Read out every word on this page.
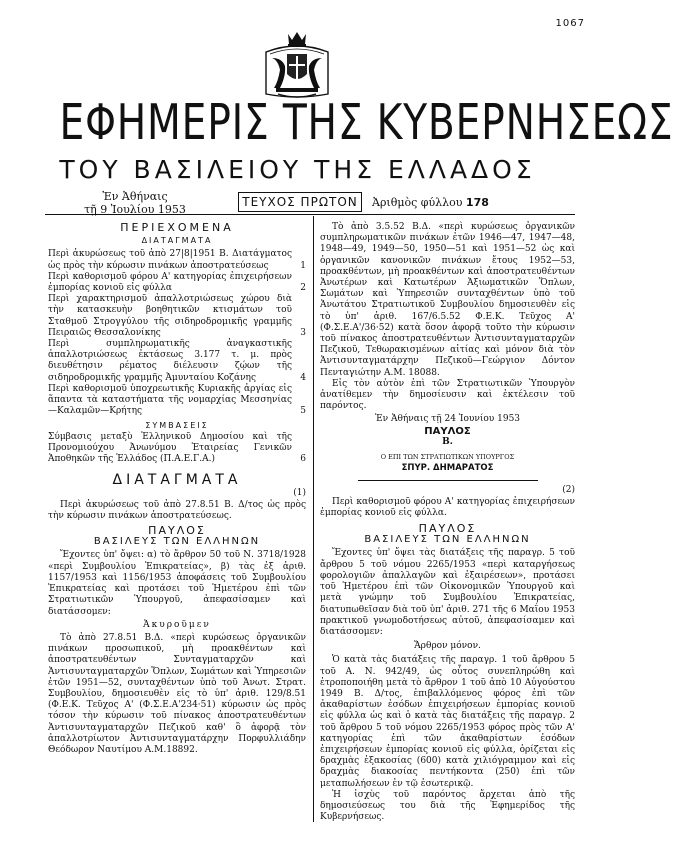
1067
ΕΦΗΜΕΡΙΣ ΤΗΣ ΚΥΒΕΡΝΗΣΕΩΣ
ΤΟΥ ΒΑΣΙΛΕΙΟΥ ΤΗΣ ΕΛΛΑΔΟΣ
Ἐν Ἀθήναις
τῇ 9 Ἰουλίου 1953
ΤΕΥΧΟΣ ΠΡΩΤΟΝ	Ἀριθμὸς φύλλου 178
ΠΕΡΙΕΧΟΜΕΝΑ
ΔΙΑΤΑΓΜΑΤΑ

Περὶ ἀκυρώσεως τοῦ ἀπὸ 27|8|1951 Β. Διατάγματος ὡς πρὸς τὴν κύρωσιν πινάκων ἀποστρατεύσεως	1

Περὶ καθορισμοῦ φόρου Α' κατηγορίας ἐπιχειρήσεων ἐμπορίας κονιοῦ εἰς φύλλα	2

Περὶ χαρακτηρισμοῦ ἀπαλλοτριώσεως χώρου διὰ τὴν κατασκευὴν βοηθητικῶν κτισμάτων τοῦ Σταθμοῦ Στρογγύλου τῆς σιδηροδρομικῆς γραμμῆς Πειραιῶς Θεσσαλονίκης	3

Περὶ συμπληρωματικῆς ἀναγκαστικῆς ἀπαλλοτριώσεως ἐκτάσεως 3.177 τ. μ. πρὸς διευθέτησιν ρέματος διέλευσιν ζῴων τῆς σιδηροδρομικῆς γραμμῆς Ἀμυνταίου Κοζάνης	4

Περὶ καθορισμοῦ ὑποχρεωτικῆς Κυριακῆς ἀργίας εἰς ἅπαντα τὰ καταστήματα τῆς νομαρχίας Μεσσηνίας—Καλαμῶν—Κρήτης	5

ΣΥΜΒΑΣΕΙΣ

Σύμβασις μεταξὺ Ἑλληνικοῦ Δημοσίου καὶ τῆς Προνομιούχου Ἀνωνύμου Ἑταιρείας Γενικῶν Ἀποθηκῶν τῆς Ἑλλάδος (Π.Α.Ε.Γ.Α.)	6

ΔΙΑΤΑΓΜΑΤΑ
(1)

Περὶ ἀκυρώσεως τοῦ ἀπὸ 27.8.51 Β. Δ/τος ὡς πρὸς τὴν κύρωσιν πινάκων ἀποστρατεύσεως.

ΠΑΥΛΟΣ
ΒΑΣΙΛΕΥΣ ΤΩΝ ΕΛΛΗΝΩΝ

Ἔχοντες ὑπ' ὄψει: α) τὸ ἄρθρον 50 τοῦ Ν. 3718/1928 «περὶ Συμβουλίου Ἐπικρατείας», β) τὰς ἐξ ἀριθ. 1157/1953 καὶ 1156/1953 ἀποφάσεις τοῦ Συμβουλίου Ἐπικρατείας καὶ προτάσει τοῦ Ἡμετέρου ἐπὶ τῶν Στρατιωτικῶν Ὑπουργοῦ, ἀπεφασίσαμεν καὶ διατάσσομεν:

Ἀκυροῦμεν

Τὸ ἀπὸ 27.8.51 Β.Δ. «περὶ κυρώσεως ὀργανικῶν πινάκων προσωπικοῦ, μὴ προακθέντων καὶ ἀποστρατευθέντων Συνταγματαρχῶν καὶ Ἀντισυνταγματαρχῶν Ὅπλων, Σωμάτων καὶ Ὑπηρεσιῶν ἐτῶν 1951—52, συνταχθέντων ὑπὸ τοῦ Ἀνωτ. Στρατ. Συμβουλίου, δημοσιευθὲν εἰς τὸ ὑπ' ἀριθ. 129/8.51 (Φ.Ε.Κ. Τεῦχος Α' (Φ.Σ.Ε.Α'234·51) κύρωσιν ὡς πρὸς τόσον τὴν κύρωσιν τοῦ πίνακος ἀποστρατευθέντων Ἀντισυνταγματαρχῶν Πεζικοῦ καθ' ὃ ἀφορᾷ τὸν ἀπαλλοτρίωτον Ἀντισυνταγματάρχην Πορφυλλιάδην Θεόδωρον Ναυτίμου Α.Μ.18892.

Τὸ ἀπὸ 3.5.52 Β.Δ. «περὶ κυρώσεως ὀργανικῶν συμπληρωματικῶν πινάκων ἐτῶν 1946—47, 1947—48, 1948—49, 1949—50, 1950—51 καὶ 1951—52 ὡς καὶ ὀργανικῶν κανονικῶν πινάκων ἔτους 1952—53, προακθέντων, μὴ προακθέντων καὶ ἀποστρατευθέντων Ἀνωτέρων καὶ Κατωτέρων Ἀξιωματικῶν Ὅπλων, Σωμάτων καὶ Ὑπηρεσιῶν συνταχθέντων ὑπὸ τοῦ Ἀνωτάτου Στρατιωτικοῦ Συμβουλίου δημοσιευθὲν εἰς τὸ ὑπ' ἀριθ. 167/6.5.52 Φ.Ε.Κ. Τεῦχος Α' (Φ.Σ.Ε.Α'/36·52) κατὰ ὅσον ἀφορᾷ τοῦτο τὴν κύρωσιν τοῦ πίνακος ἀποστρατευθέντων Ἀντισυνταγματαρχῶν Πεζικοῦ, Τεθωρακισμένων αἰτίας καὶ μόνον διὰ τὸν Ἀντισυνταγματάρχην Πεζικοῦ—Γεώργιον Δόντον Πενταγιώτην Α.Μ. 18088.

Εἰς τὸν αὐτὸν ἐπὶ τῶν Στρατιωτικῶν Ὑπουργὸν ἀνατίθεμεν τὴν δημοσίευσιν καὶ ἐκτέλεσιν τοῦ παρόντος.

Ἐν Ἀθήναις τῇ 24 Ἰουνίου 1953
ΠΑΥΛΟΣ
Β.
Ο ΕΠΙ ΤΩΝ ΣΤΡΑΤΙΩΤΙΚΩΝ ΥΠΟΥΡΓΟΣ
ΣΠΥΡ. ΔΗΜΑΡΑΤΟΣ
(2)

Περὶ καθορισμοῦ φόρου Α' κατηγορίας ἐπιχειρήσεων ἐμπορίας κονιοῦ εἰς φύλλα.

ΠΑΥΛΟΣ
ΒΑΣΙΛΕΥΣ ΤΩΝ ΕΛΛΗΝΩΝ

Ἔχοντες ὑπ' ὄψει τὰς διατάξεις τῆς παραγρ. 5 τοῦ ἄρθρου 5 τοῦ νόμου 2265/1953 «περὶ καταργήσεως φορολογιῶν ἀπαλλαγῶν καὶ ἐξαιρέσεων», προτάσει τοῦ Ἡμετέρου ἐπὶ τῶν Οἰκονομικῶν Ὑπουργοῦ καὶ μετὰ γνώμην τοῦ Συμβουλίου Ἐπικρατείας, διατυπωθεῖσαν διὰ τοῦ ὑπ' ἀριθ. 271 τῆς 6 Μαΐου 1953 πρακτικοῦ γνωμοδοτήσεως αὐτοῦ, ἀπεφασίσαμεν καὶ διατάσσομεν:

Ἄρθρον μόνον.

Ὁ κατὰ τὰς διατάξεις τῆς παραγρ. 1 τοῦ ἄρθρου 5 τοῦ Α. Ν. 942/49, ὡς οὗτος συνεπληρώθη καὶ ἐτροποποιήθη μετὰ τὸ ἄρθρον 1 τοῦ ἀπὸ 10 Αὐγούστου 1949 Β. Δ/τος, ἐπιβαλλόμενος φόρος ἐπὶ τῶν ἀκαθαρίστων ἐσόδων ἐπιχειρήσεων ἐμπορίας κονιοῦ εἰς φύλλα ὡς καὶ ὁ κατὰ τὰς διατάξεις τῆς παραγρ. 2 τοῦ ἄρθρου 5 τοῦ νόμου 2265/1953 φόρος πρὸς τῶν Α' κατηγορίας ἐπὶ τῶν ἀκαθαρίστων ἐσόδων ἐπιχειρήσεων ἐμπορίας κονιοῦ εἰς φύλλα, ὁρίζεται εἰς δραχμὰς ἑξακοσίας (600) κατὰ χιλιόγραμμον καὶ εἰς δραχμὰς διακοσίας πεντήκοντα (250) ἐπὶ τῶν μεταπωλήσεων ἐν τῷ ἐσωτερικῷ.

Ἡ ἰσχὺς τοῦ παρόντος ἄρχεται ἀπὸ τῆς δημοσιεύσεως του διὰ τῆς Ἐφημερίδος τῆς Κυβερνήσεως.
